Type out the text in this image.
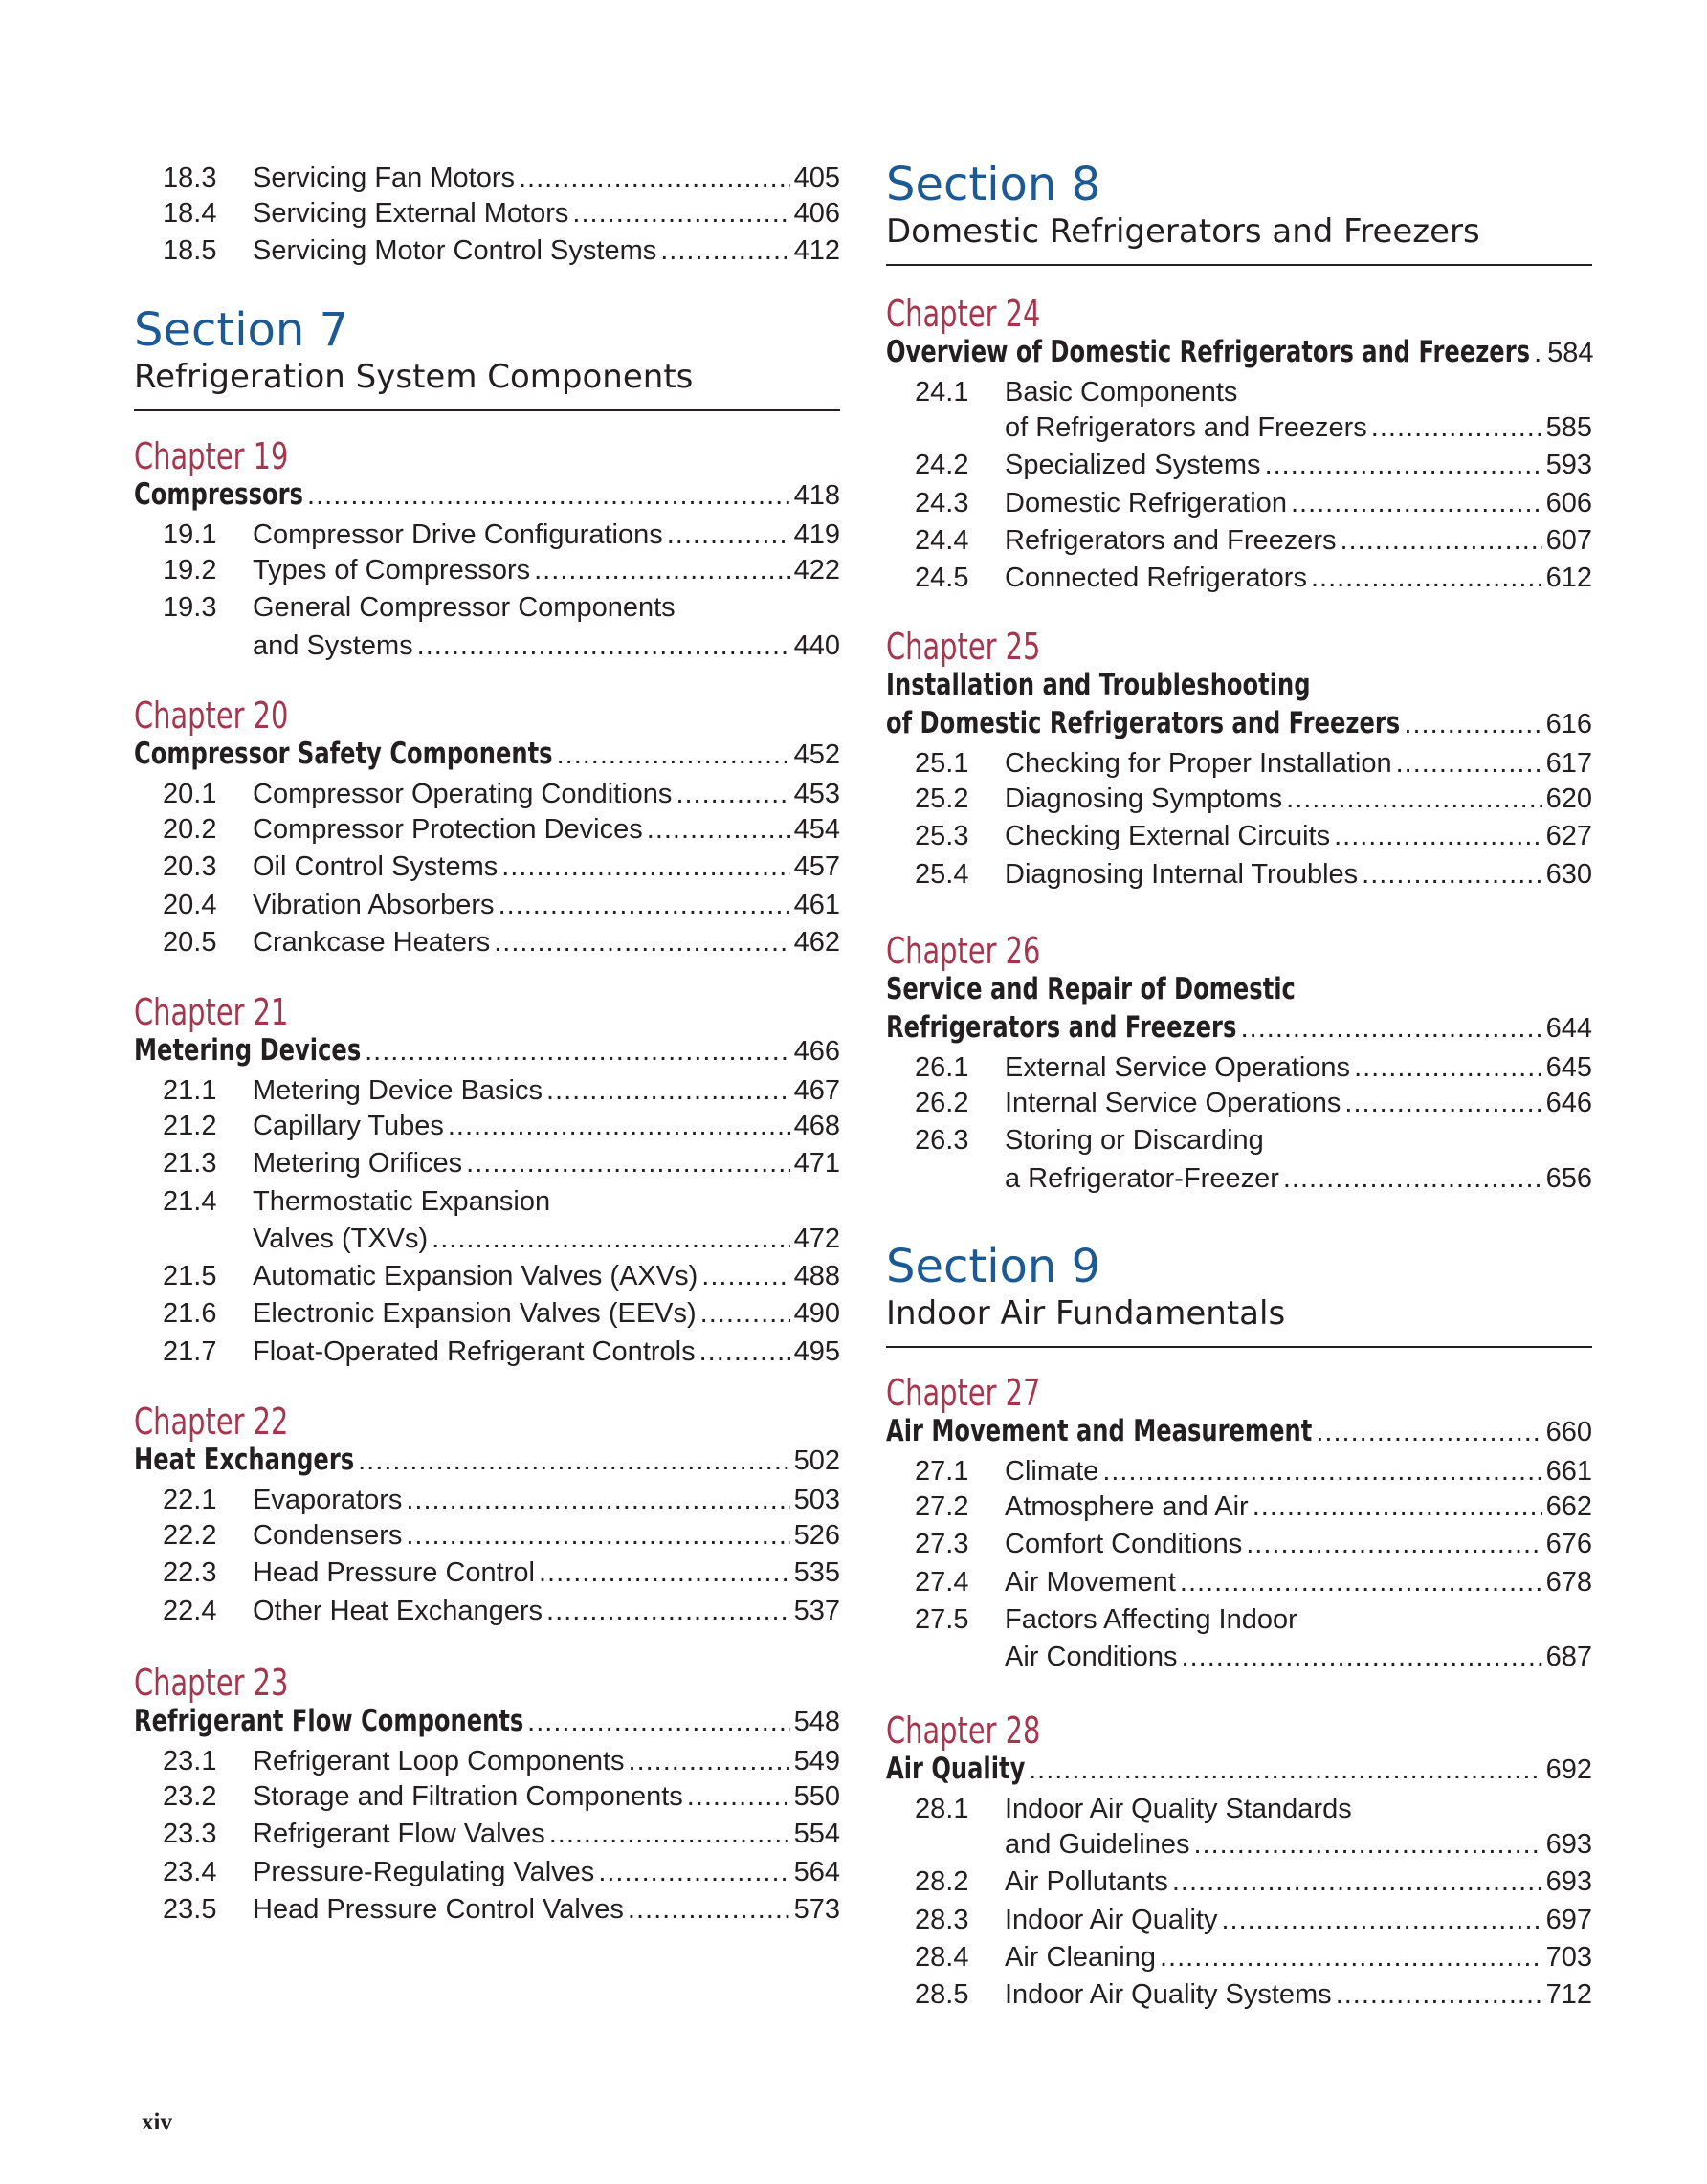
18.3	Servicing Fan Motors .....	405
18.4	Servicing External Motors .....	406
18.5	Servicing Motor Control Systems .....	412
Section 7
Refrigeration System Components
Chapter 19
Compressors .....	418
19.1	Compressor Drive Configurations .....	419
19.2	Types of Compressors .....	422
19.3	General Compressor Components
and Systems .....	440
Chapter 20
Compressor Safety Components .....	452
20.1	Compressor Operating Conditions .....	453
20.2	Compressor Protection Devices .....	454
20.3	Oil Control Systems .....	457
20.4	Vibration Absorbers .....	461
20.5	Crankcase Heaters .....	462
Chapter 21
Metering Devices .....	466
21.1	Metering Device Basics .....	467
21.2	Capillary Tubes .....	468
21.3	Metering Orifices .....	471
21.4	Thermostatic Expansion
Valves (TXVs) .....	472
21.5	Automatic Expansion Valves (AXVs) .....	488
21.6	Electronic Expansion Valves (EEVs) .....	490
21.7	Float-Operated Refrigerant Controls .....	495
Chapter 22
Heat Exchangers .....	502
22.1	Evaporators .....	503
22.2	Condensers .....	526
22.3	Head Pressure Control .....	535
22.4	Other Heat Exchangers .....	537
Chapter 23
Refrigerant Flow Components .....	548
23.1	Refrigerant Loop Components .....	549
23.2	Storage and Filtration Components .....	550
23.3	Refrigerant Flow Valves .....	554
23.4	Pressure-Regulating Valves .....	564
23.5	Head Pressure Control Valves .....	573
Section 8
Domestic Refrigerators and Freezers
Chapter 24
Overview of Domestic Refrigerators and Freezers ..... 584
24.1	Basic Components
of Refrigerators and Freezers .....	585
24.2	Specialized Systems .....	593
24.3	Domestic Refrigeration .....	606
24.4	Refrigerators and Freezers .....	607
24.5	Connected Refrigerators .....	612
Chapter 25
Installation and Troubleshooting
of Domestic Refrigerators and Freezers .....	616
25.1	Checking for Proper Installation .....	617
25.2	Diagnosing Symptoms .....	620
25.3	Checking External Circuits .....	627
25.4	Diagnosing Internal Troubles .....	630
Chapter 26
Service and Repair of Domestic
Refrigerators and Freezers .....	644
26.1	External Service Operations .....	645
26.2	Internal Service Operations .....	646
26.3	Storing or Discarding
a Refrigerator-Freezer .....	656
Section 9
Indoor Air Fundamentals
Chapter 27
Air Movement and Measurement .....	660
27.1	Climate .....	661
27.2	Atmosphere and Air .....	662
27.3	Comfort Conditions .....	676
27.4	Air Movement .....	678
27.5	Factors Affecting Indoor
Air Conditions .....	687
Chapter 28
Air Quality .....	692
28.1	Indoor Air Quality Standards
and Guidelines .....	693
28.2	Air Pollutants .....	693
28.3	Indoor Air Quality .....	697
28.4	Air Cleaning .....	703
28.5	Indoor Air Quality Systems .....	712
xiv
